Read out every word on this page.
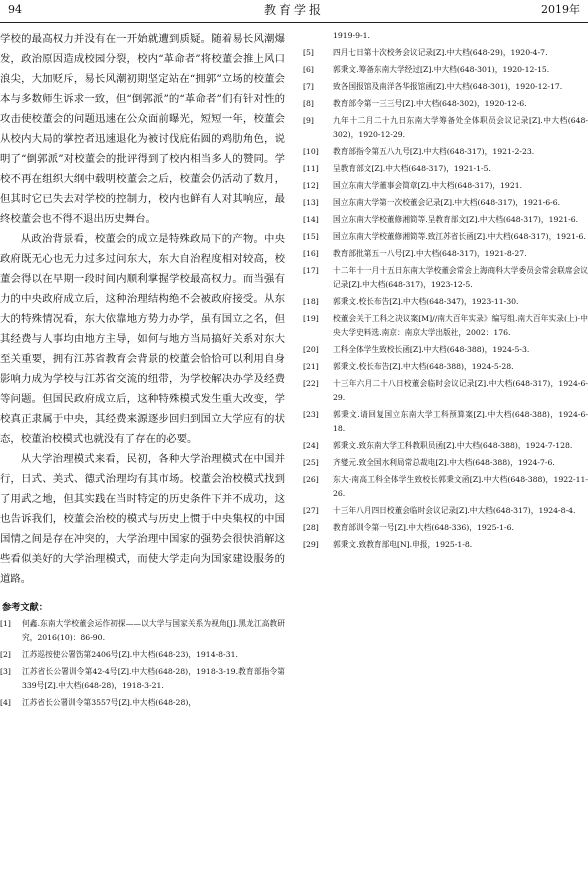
94	教育学报	2019年

学校的最高权力并没有在一开始就遭到质疑。随着易长风潮爆发，政治原因造成校园分裂，校内“革命者”将校董会推上风口浪尖，大加贬斥，易长风潮初期坚定站在“拥郭”立场的校董会本与多数师生诉求一致，但“倒郭派”的“革命者”们有针对性的攻击使校董会的问题迅速在公众面前曝光，短短一年，校董会从校内大局的掌控者迅速退化为被讨伐庇佑圆的鸡肋角色，说明了“倒郭派”对校董会的批评得到了校内相当多人的赞同。学校不再在组织大纲中载明校董会之后，校董会仍活动了数月，但其时它已失去对学校的控制力，校内也鲜有人对其响应，最终校董会也不得不退出历史舞台。

从政治背景看，校董会的成立是特殊政局下的产物。中央政府既无心也无力过多过问东大，东大自治程度相对较高，校董会得以在早期一段时间内顺利掌握学校最高权力。而当强有力的中央政府成立后，这种治理结构绝不会被政府接受。从东大的特殊情况看，东大依靠地方势力办学，虽有国立之名，但其经费与人事均由地方主导，如何与地方当局搞好关系对东大至关重要，拥有江苏省教育会背景的校董会恰恰可以利用自身影响力成为学校与江苏省交流的纽带，为学校解决办学及经费等问题。但国民政府成立后，这种特殊模式发生重大改变，学校真正隶属于中央，其经费来源逐步回归到国立大学应有的状态，校董治校模式也就没有了存在的必要。

从大学治理模式来看，民初，各种大学治理模式在中国并行，日式、美式、德式治理均有其市场。校董会治校模式找到了用武之地，但其实践在当时特定的历史条件下并不成功，这也告诉我们，校董会治校的模式与历史上惯于中央集权的中国国情之间是存在冲突的，大学治理中国家的强势会很快消解这些看似美好的大学治理模式，而使大学走向为国家建设服务的道路。

参考文献：
[1]	何鑫.东南大学校董会运作初探——以大学与国家关系为视角[J].黑龙江高教研究，2016(10)：86-90.
[2]	江苏巡按使公署饬第2406号[Z].中大档(648-23)，1914-8-31.
[3]	江苏省长公署训令第42-4号[Z].中大档(648-28)，1918-3-19.教育部指令第339号[Z].中大档(648-28)，1918-3-21.
[4]	江苏省长公署训令第3557号[Z].中大档(648-28)，
1919-9-1.
[5]	四月七日第十次校务会议记录[Z].中大档(648-29)，1920-4-7.
[6]	郭秉文.筹备东南大学经过[Z].中大档(648-301)，1920-12-15.
[7]	致各国报馆及南洋各华报馆函[Z].中大档(648-301)，1920-12-17.
[8]	教育部令第一三三号[Z].中大档(648-302)，1920-12-6.
[9]	九年十二月二十九日东南大学筹备处全体职员会议记录[Z].中大档(648-302)，1920-12-29.
[10]	教育部指令第五八九号[Z].中大档(648-317)，1921-2-23.
[11]	呈教育部文[Z].中大档(648-317)，1921-1-5.
[12]	国立东南大学董事会简章[Z].中大档(648-317)，1921.
[13]	国立东南大学第一次校董会记录[Z].中大档(648-317)，1921-6-6.
[14]	国立东南大学校董修湘简等.呈教育部文[Z].中大档(648-317)，1921-6.
[15]	国立东南大学校董修湘简等.致江苏省长函[Z].中大档(648-317)，1921-6.
[16]	教育部批第五一八号[Z].中大档(648-317)，1921-8-27.
[17]	十二年十一月十五日东南大学校董会常会上海商科大学委员会常会联席会议记录[Z].中大档(648-317)，1923-12-5.
[18]	郭秉文.校长布告[Z].中大档(648-347)，1923-11-30.
[19]	校董会关于工科之决议案[M]//南大百年实录》编写组.南大百年实录(上)·中央大学史料选.南京：南京大学出版社，2002：176.
[20]	工科全体学生致校长函[Z].中大档(648-388)，1924-5-3.
[21]	郭秉文.校长布告[Z].中大档(648-388)，1924-5-28.
[22]	十三年六月二十八日校董会临时会议记录[Z].中大档(648-317)，1924-6-29.
[23]	郭秉文.请回复国立东南大学工科预算案[Z].中大档(648-388)，1924-6-18.
[24]	郭秉文.致东南大学工科教职员函[Z].中大档(648-388)，1924-7-128.
[25]	齐燮元.致全国水利局常总裁电[Z].中大档(648-388)，1924-7-6.
[26]	东大·南高工科全体学生致校长郭秉文函[Z].中大档(648-388)，1922-11-26.
[27]	十三年八月四日校董会临时会议记录[Z].中大档(648-317)，1924-8-4.
[28]	教育部训令第一号[Z].中大档(648-336)，1925-1-6.
[29]	郭秉文.致教育部电[N].申报，1925-1-8.
